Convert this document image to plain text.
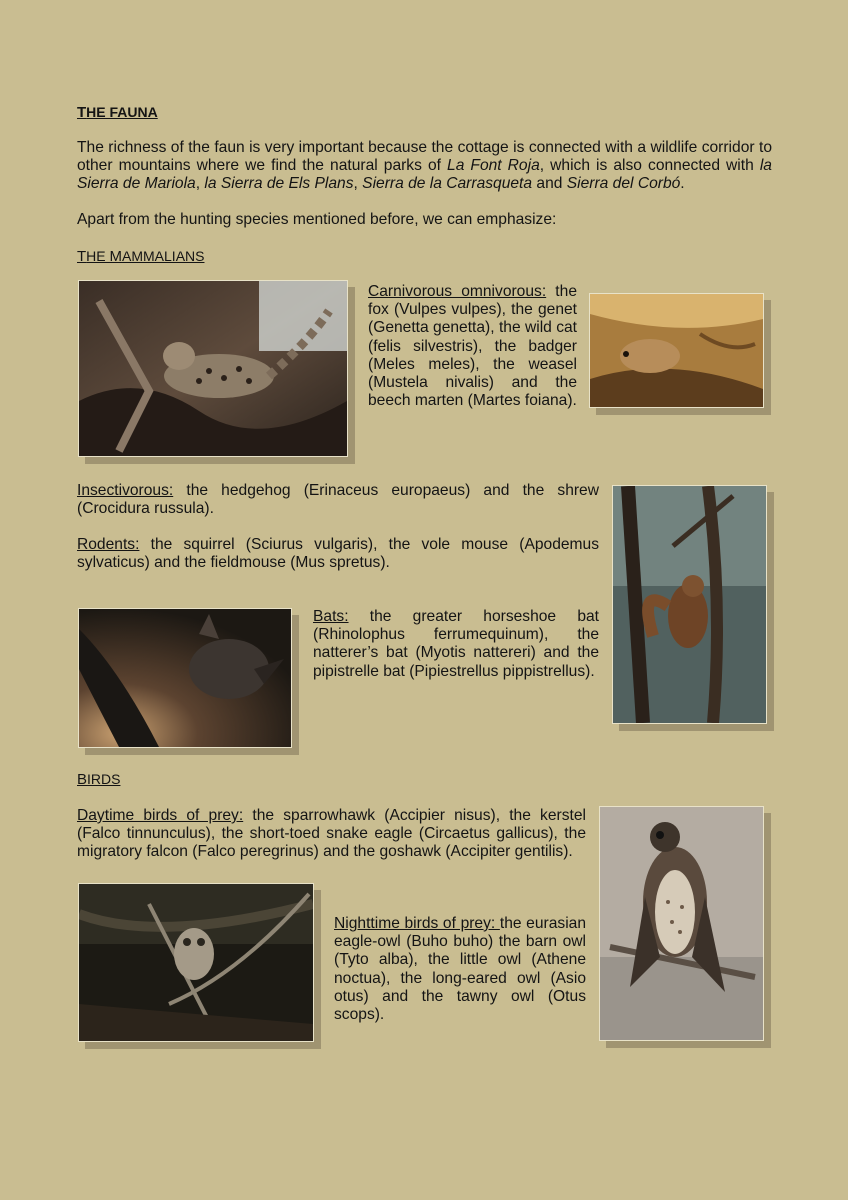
THE FAUNA
The richness of the faun is very important because the cottage is connected with a wildlife corridor to other mountains where we find the natural parks of La Font Roja, which is also connected with la Sierra de Mariola, la Sierra de Els Plans, Sierra de la Carrasqueta and Sierra del Corbó.
Apart from the hunting species mentioned before, we can emphasize:
THE MAMMALIANS
Carnivorous omnivorous: the fox (Vulpes vulpes), the genet (Genetta genetta), the wild cat (felis silvestris), the badger (Meles meles), the weasel (Mustela nivalis) and the beech marten (Martes foiana).
Insectivorous: the hedgehog (Erinaceus europaeus) and the shrew (Crocidura russula).
Rodents: the squirrel (Sciurus vulgaris), the vole mouse (Apodemus sylvaticus) and the fieldmouse (Mus spretus).
Bats: the greater horseshoe bat (Rhinolophus ferrumequinum), the natterer’s bat (Myotis nattereri) and the pipistrelle bat (Pipiestrellus pippistrellus).
BIRDS
Daytime birds of prey: the sparrowhawk (Accipier nisus), the kerstel (Falco tinnunculus), the short-toed snake eagle (Circaetus gallicus), the migratory falcon (Falco peregrinus) and the goshawk (Accipiter gentilis).
Nighttime birds of prey: the eurasian eagle-owl (Buho buho) the barn owl (Tyto alba), the little owl (Athene noctua), the long-eared owl (Asio otus) and the tawny owl (Otus scops).
